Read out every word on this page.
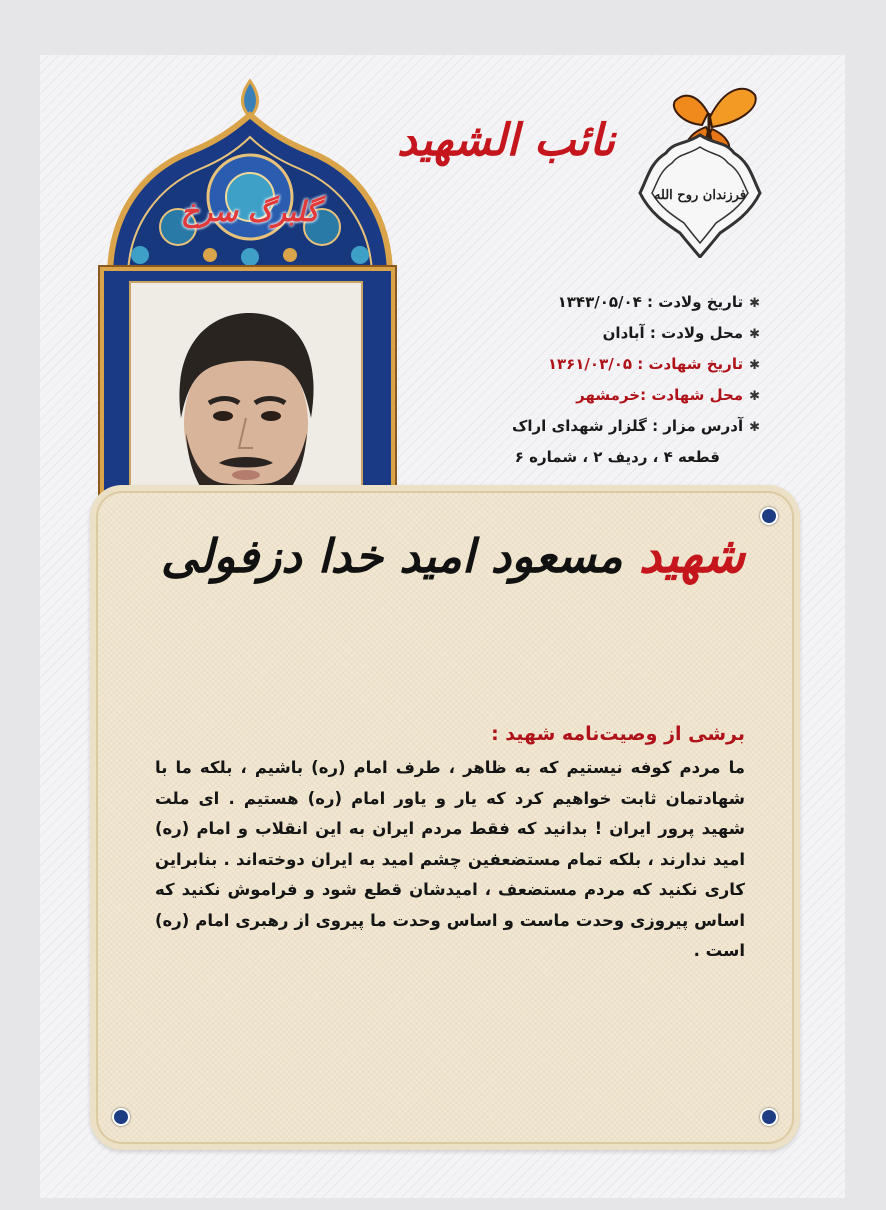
گلبرگ سرخ
نائب الشهید
فرزندان روح الله
✱تاریخ ولادت : ۱۳۴۳/۰۵/۰۴
✱محل ولادت : آبادان
✱تاریخ شهادت : ۱۳۶۱/۰۳/۰۵
✱محل شهادت :خرمشهر
✱آدرس مزار : گلزار شهدای اراک
قطعه ۴ ، ردیف ۲ ، شماره ۶
شهید مسعود امید خدا دزفولی
برشی از وصیت‌نامه شهید :

ما مردم کوفه نیستیم که به ظاهر ، طرف امام (ره) باشیم ، بلکه ما با شهادتمان ثابت خواهیم کرد که یار و یاور امام (ره) هستیم . ای ملت شهید پرور ایران ! بدانید که فقط مردم ایران به این انقلاب و امام (ره) امید ندارند ، بلکه تمام مستضعفین چشم امید به ایران دوخته‌اند . بنابراین کاری نکنید که مردم مستضعف ، امیدشان قطع شود و فراموش نکنید که اساس پیروزی وحدت ماست و اساس وحدت ما پیروی از رهبری امام (ره) است .
